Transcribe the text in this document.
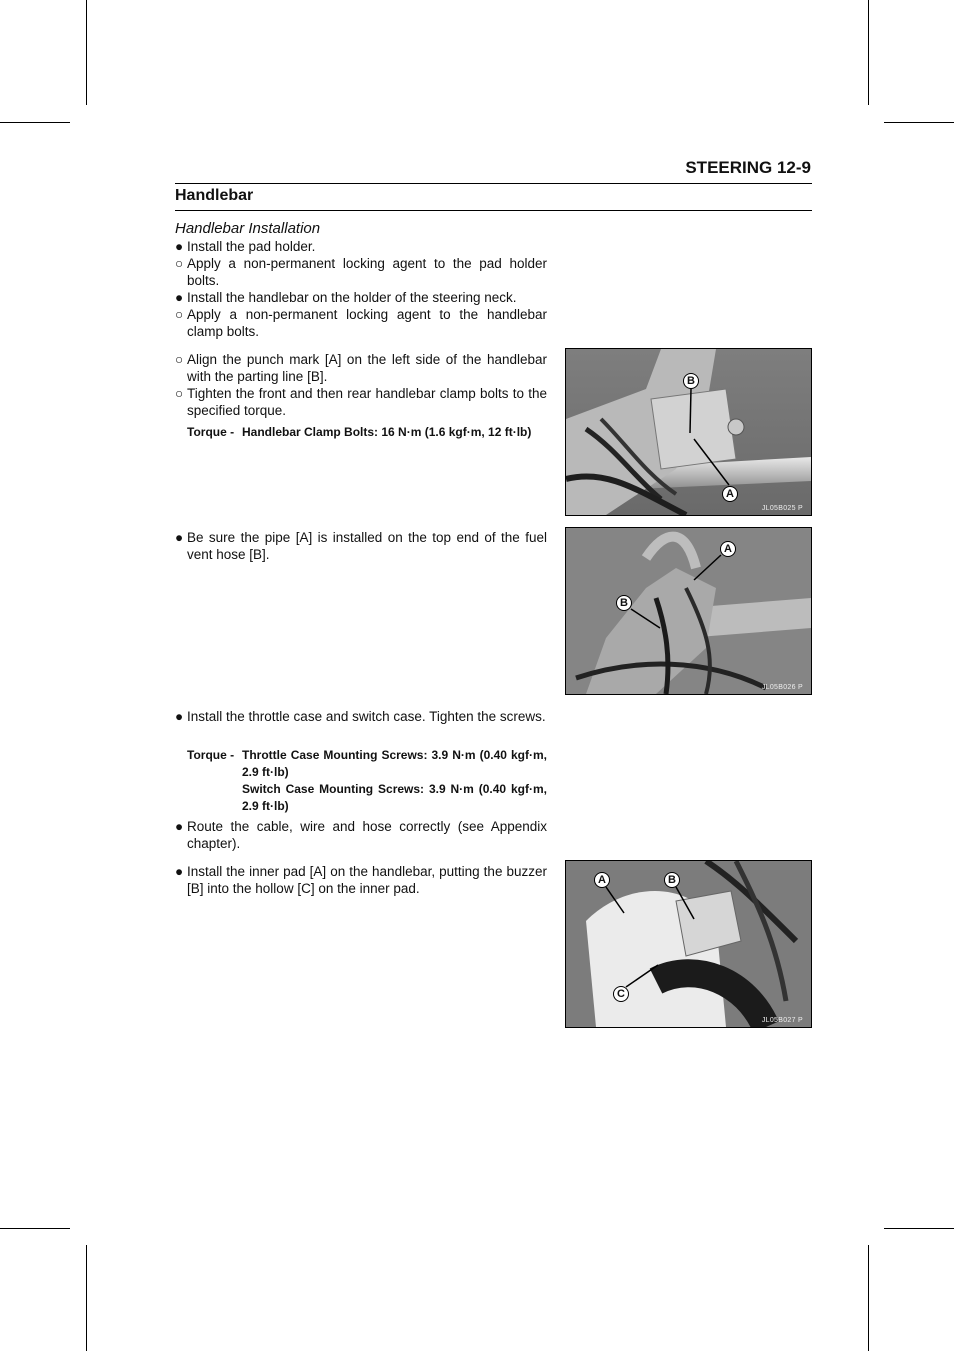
STEERING 12-9
Handlebar
Handlebar Installation
● Install the pad holder.
○ Apply a non-permanent locking agent to the pad holder bolts.
● Install the handlebar on the holder of the steering neck.
○ Apply a non-permanent locking agent to the handlebar clamp bolts.
○ Align the punch mark [A] on the left side of the handlebar with the parting line [B].
○ Tighten the front and then rear handlebar clamp bolts to the specified torque.
Torque - Handlebar Clamp Bolts: 16 N·m (1.6 kgf·m, 12 ft·lb)
● Be sure the pipe [A] is installed on the top end of the fuel vent hose [B].
● Install the throttle case and switch case. Tighten the screws.
Torque - Throttle Case Mounting Screws: 3.9 N·m (0.40 kgf·m, 2.9 ft·lb)
Switch Case Mounting Screws: 3.9 N·m (0.40 kgf·m, 2.9 ft·lb)
● Route the cable, wire and hose correctly (see Appendix chapter).
● Install the inner pad [A] on the handlebar, putting the buzzer [B] into the hollow [C] on the inner pad.
B
A
JL05B025 P
A
B
JL05B026 P
A	B
C
JL05B027 P
